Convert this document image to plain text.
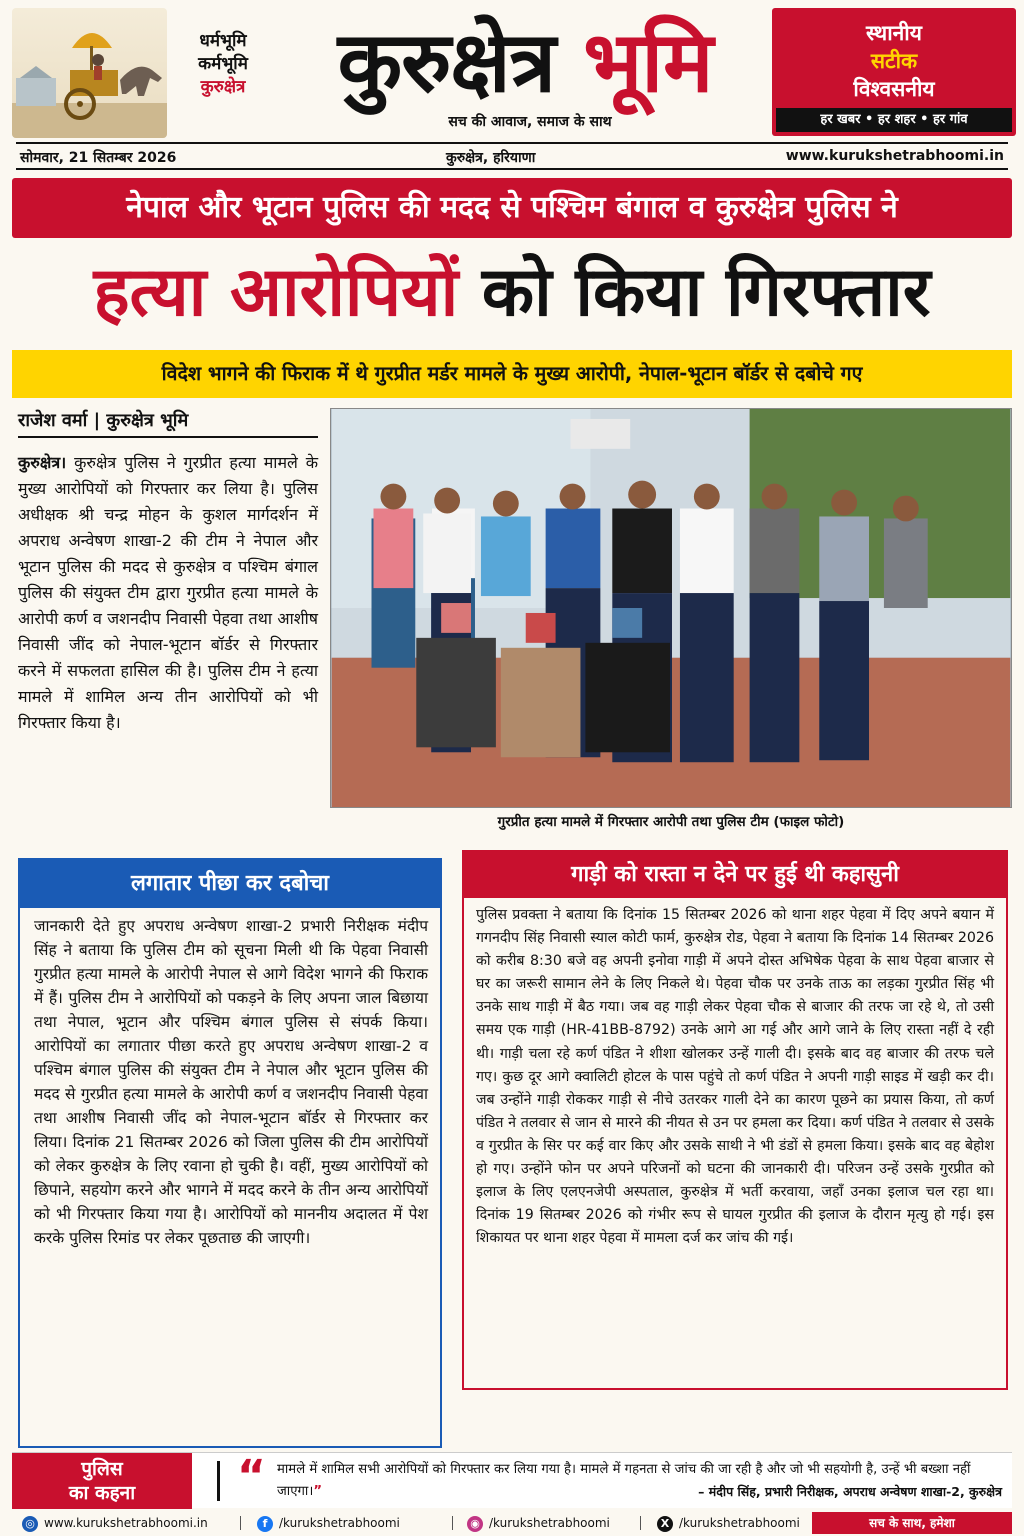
धर्मभूमि
कर्मभूमि
कुरुक्षेत्र	कुरुक्षेत्र भूमि
सच की आवाज, समाज के साथ
स्थानीय
सटीक
विश्वसनीय
हर खबर • हर शहर • हर गांव
सोमवार, 21 सितम्बर 2026	कुरुक्षेत्र, हरियाणा	www.kurukshetrabhoomi.in
नेपाल और भूटान पुलिस की मदद से पश्चिम बंगाल व कुरुक्षेत्र पुलिस ने
हत्या आरोपियों को किया गिरफ्तार
विदेश भागने की फिराक में थे गुरप्रीत मर्डर मामले के मुख्य आरोपी, नेपाल-भूटान बॉर्डर से दबोचे गए
राजेश वर्मा | कुरुक्षेत्र भूमि
कुरुक्षेत्र। कुरुक्षेत्र पुलिस ने गुरप्रीत हत्या मामले के मुख्य आरोपियों को गिरफ्तार कर लिया है। पुलिस अधीक्षक श्री चन्द्र मोहन के कुशल मार्गदर्शन में अपराध अन्वेषण शाखा-2 की टीम ने नेपाल और भूटान पुलिस की मदद से कुरुक्षेत्र व पश्चिम बंगाल पुलिस की संयुक्त टीम द्वारा गुरप्रीत हत्या मामले के आरोपी कर्ण व जशनदीप निवासी पेहवा तथा आशीष निवासी जींद को नेपाल-भूटान बॉर्डर से गिरफ्तार करने में सफलता हासिल की है। पुलिस टीम ने हत्या मामले में शामिल अन्य तीन आरोपियों को भी गिरफ्तार किया है।
गुरप्रीत हत्या मामले में गिरफ्तार आरोपी तथा पुलिस टीम (फाइल फोटो)
लगातार पीछा कर दबोचा
जानकारी देते हुए अपराध अन्वेषण शाखा-2 प्रभारी निरीक्षक मंदीप सिंह ने बताया कि पुलिस टीम को सूचना मिली थी कि पेहवा निवासी गुरप्रीत हत्या मामले के आरोपी नेपाल से आगे विदेश भागने की फिराक में हैं। पुलिस टीम ने आरोपियों को पकड़ने के लिए अपना जाल बिछाया तथा नेपाल, भूटान और पश्चिम बंगाल पुलिस से संपर्क किया। आरोपियों का लगातार पीछा करते हुए अपराध अन्वेषण शाखा-2 व पश्चिम बंगाल पुलिस की संयुक्त टीम ने नेपाल और भूटान पुलिस की मदद से गुरप्रीत हत्या मामले के आरोपी कर्ण व जशनदीप निवासी पेहवा तथा आशीष निवासी जींद को नेपाल-भूटान बॉर्डर से गिरफ्तार कर लिया। दिनांक 21 सितम्बर 2026 को जिला पुलिस की टीम आरोपियों को लेकर कुरुक्षेत्र के लिए रवाना हो चुकी है। वहीं, मुख्य आरोपियों को छिपाने, सहयोग करने और भागने में मदद करने के तीन अन्य आरोपियों को भी गिरफ्तार किया गया है। आरोपियों को माननीय अदालत में पेश करके पुलिस रिमांड पर लेकर पूछताछ की जाएगी।
गाड़ी को रास्ता न देने पर हुई थी कहासुनी
पुलिस प्रवक्ता ने बताया कि दिनांक 15 सितम्बर 2026 को थाना शहर पेहवा में दिए अपने बयान में गगनदीप सिंह निवासी स्याल कोटी फार्म, कुरुक्षेत्र रोड, पेहवा ने बताया कि दिनांक 14 सितम्बर 2026 को करीब 8:30 बजे वह अपनी इनोवा गाड़ी में अपने दोस्त अभिषेक पेहवा के साथ पेहवा बाजार से घर का जरूरी सामान लेने के लिए निकले थे। पेहवा चौक पर उनके ताऊ का लड़का गुरप्रीत सिंह भी उनके साथ गाड़ी में बैठ गया। जब वह गाड़ी लेकर पेहवा चौक से बाजार की तरफ जा रहे थे, तो उसी समय एक गाड़ी (HR-41BB-8792) उनके आगे आ गई और आगे जाने के लिए रास्ता नहीं दे रही थी। गाड़ी चला रहे कर्ण पंडित ने शीशा खोलकर उन्हें गाली दी। इसके बाद वह बाजार की तरफ चले गए। कुछ दूर आगे क्वालिटी होटल के पास पहुंचे तो कर्ण पंडित ने अपनी गाड़ी साइड में खड़ी कर दी। जब उन्होंने गाड़ी रोककर गाड़ी से नीचे उतरकर गाली देने का कारण पूछने का प्रयास किया, तो कर्ण पंडित ने तलवार से जान से मारने की नीयत से उन पर हमला कर दिया। कर्ण पंडित ने तलवार से उसके व गुरप्रीत के सिर पर कई वार किए और उसके साथी ने भी डंडों से हमला किया। इसके बाद वह बेहोश हो गए। उन्होंने फोन पर अपने परिजनों को घटना की जानकारी दी। परिजन उन्हें उसके गुरप्रीत को इलाज के लिए एलएनजेपी अस्पताल, कुरुक्षेत्र में भर्ती करवाया, जहाँ उनका इलाज चल रहा था। दिनांक 19 सितम्बर 2026 को गंभीर रूप से घायल गुरप्रीत की इलाज के दौरान मृत्यु हो गई। इस शिकायत पर थाना शहर पेहवा में मामला दर्ज कर जांच की गई।
पुलिस
का कहना	“ मामले में शामिल सभी आरोपियों को गिरफ्तार कर लिया गया है। मामले में गहनता से जांच की जा रही है और जो भी सहयोगी है, उन्हें भी बख्शा नहीं जाएगा।”	– मंदीप सिंह, प्रभारी निरीक्षक, अपराध अन्वेषण शाखा-2, कुरुक्षेत्र
◎ www.kurukshetrabhoomi.in	f /kurukshetrabhoomi	◉ /kurukshetrabhoomi	X /kurukshetrabhoomi	सच के साथ, हमेशा
